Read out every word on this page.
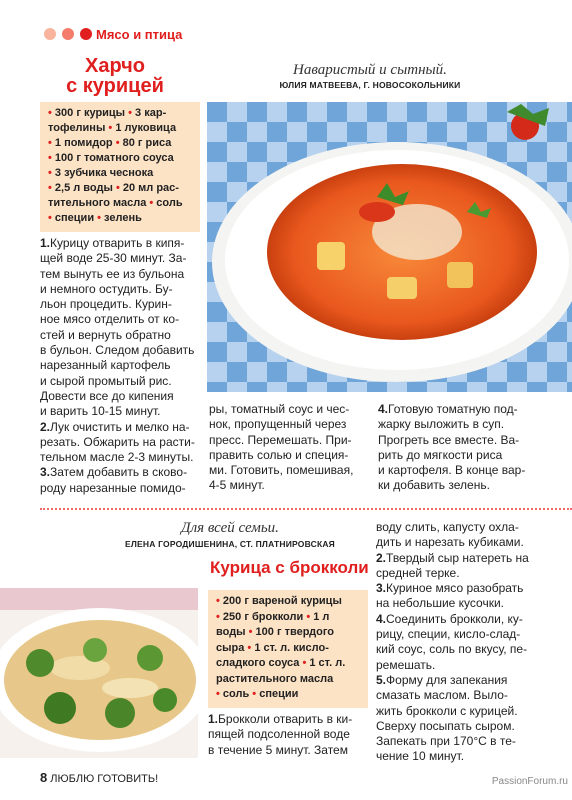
Мясо и птица
Харчо
с курицей
Наваристый и сытный.
ЮЛИЯ МАТВЕЕВА, Г. НОВОСОКОЛЬНИКИ
• 300 г курицы • 3 кар-
тофелины • 1 луковица
• 1 помидор • 80 г риса
• 100 г томатного соуса
• 3 зубчика чеснока
• 2,5 л воды • 20 мл рас-
тительного масла • соль
• специи • зелень

1.Курицу отварить в кипя-

щей воде 25-30 минут. За-

тем вынуть ее из бульона

и немного остудить. Бу-

льон процедить. Курин-

ное мясо отделить от ко-

стей и вернуть обратно

в бульон. Следом добавить

нарезанный картофель

и сырой промытый рис.

Довести все до кипения

и варить 10-15 минут.

2.Лук очистить и мелко на-

резать. Обжарить на расти-

тельном масле 2-3 минуты.

3.Затем добавить в сково-

роду нарезанные помидо-

ры, томатный соус и чес-

нок, пропущенный через

пресс. Перемешать. При-

править солью и специя-

ми. Готовить, помешивая,

4-5 минут.

4.Готовую томатную под-

жарку выложить в суп.

Прогреть все вместе. Ва-

рить до мягкости риса

и картофеля. В конце вар-

ки добавить зелень.

Для всей семьи.
ЕЛЕНА ГОРОДИШЕНИНА, СТ. ПЛАТНИРОВСКАЯ
Курица с брокколи
• 200 г вареной курицы
• 250 г брокколи • 1 л
воды • 100 г твердого
сыра • 1 ст. л. кисло-
сладкого соуса • 1 ст. л.
растительного масла
• соль • специи

1.Брокколи отварить в ки-

пящей подсоленной воде

в течение 5 минут. Затем

воду слить, капусту охла-

дить и нарезать кубиками.

2.Твердый сыр натереть на

средней терке.

3.Куриное мясо разобрать

на небольшие кусочки.

4.Соединить брокколи, ку-

рицу, специи, кисло-слад-

кий соус, соль по вкусу, пе-

ремешать.

5.Форму для запекания

смазать маслом. Выло-

жить брокколи с курицей.

Сверху посыпать сыром.

Запекать при 170°С в те-

чение 10 минут.

8 ЛЮБЛЮ ГОТОВИТЬ!	PassionForum.ru
